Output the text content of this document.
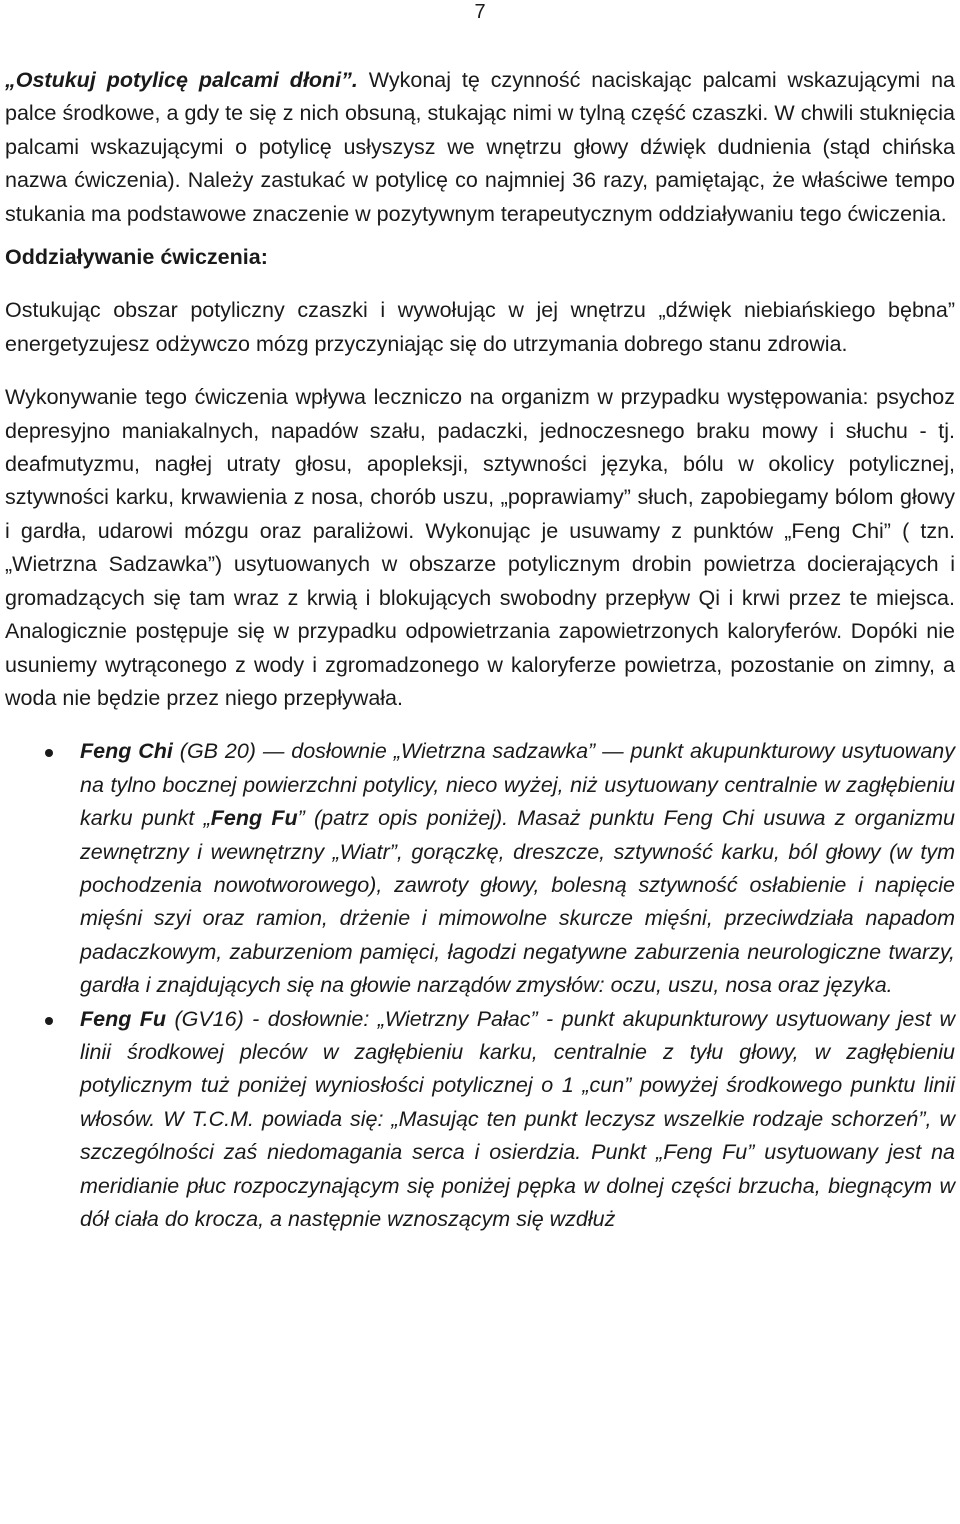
7

„Ostukuj potylicę palcami dłoni”. Wykonaj tę czynność naciskając palcami wskazującymi na palce środkowe, a gdy te się z nich obsuną, stukając nimi w tylną część czaszki. W chwili stuknięcia palcami wskazującymi o potylicę usłyszysz we wnętrzu głowy dźwięk dudnienia (stąd chińska nazwa ćwiczenia). Należy zastukać w potylicę co najmniej 36 razy, pamiętając, że właściwe tempo stukania ma podstawowe znaczenie w pozytywnym terapeutycznym oddziaływaniu tego ćwiczenia.

Oddziaływanie ćwiczenia:

Ostukując obszar potyliczny czaszki i wywołując w jej wnętrzu „dźwięk niebiańskiego bębna” energetyzujesz odżywczo mózg przyczyniając się do utrzymania dobrego stanu zdrowia.

Wykonywanie tego ćwiczenia wpływa leczniczo na organizm w przypadku występowania: psychoz depresyjno maniakalnych, napadów szału, padaczki, jednoczesnego braku mowy i słuchu - tj. deafmutyzmu, nagłej utraty głosu, apopleksji, sztywności języka, bólu w okolicy potylicznej, sztywności karku, krwawienia z nosa, chorób uszu, „poprawiamy” słuch, zapobiegamy bólom głowy i gardła, udarowi mózgu oraz paraliżowi. Wykonując je usuwamy z punktów „Feng Chi” ( tzn. „Wietrzna Sadzawka”) usytuowanych w obszarze potylicznym drobin powietrza docierających i gromadzących się tam wraz z krwią i blokujących swobodny przepływ Qi i krwi przez te miejsca. Analogicznie postępuje się w przypadku odpowietrzania zapowietrzonych kaloryferów. Dopóki nie usuniemy wytrąconego z wody i zgromadzonego w kaloryferze powietrza, pozostanie on zimny, a woda nie będzie przez niego przepływała.

Feng Chi (GB 20) — dosłownie „Wietrzna sadzawka” — punkt akupunkturowy usytuowany na tylno bocznej powierzchni potylicy, nieco wyżej, niż usytuowany centralnie w zagłębieniu karku punkt „Feng Fu” (patrz opis poniżej). Masaż punktu Feng Chi usuwa z organizmu zewnętrzny i wewnętrzny „Wiatr”, gorączkę, dreszcze, sztywność karku, ból głowy (w tym pochodzenia nowotworowego), zawroty głowy, bolesną sztywność osłabienie i napięcie mięśni szyi oraz ramion, drżenie i mimowolne skurcze mięśni, przeciwdziała napadom padaczkowym, zaburzeniom pamięci, łagodzi negatywne zaburzenia neurologiczne twarzy, gardła i znajdujących się na głowie narządów zmysłów: oczu, uszu, nosa oraz języka.
Feng Fu (GV16) - dosłownie: „Wietrzny Pałac” - punkt akupunkturowy usytuowany jest w linii środkowej pleców w zagłębieniu karku, centralnie z tyłu głowy, w zagłębieniu potylicznym tuż poniżej wyniosłości potylicznej o 1 „cun” powyżej środkowego punktu linii włosów. W T.C.M. powiada się: „Masując ten punkt leczysz wszelkie rodzaje schorzeń”, w szczególności zaś niedomagania serca i osierdzia. Punkt „Feng Fu” usytuowany jest na meridianie płuc rozpoczynającym się poniżej pępka w dolnej części brzucha, biegnącym w dół ciała do krocza, a następnie wznoszącym się wzdłuż
